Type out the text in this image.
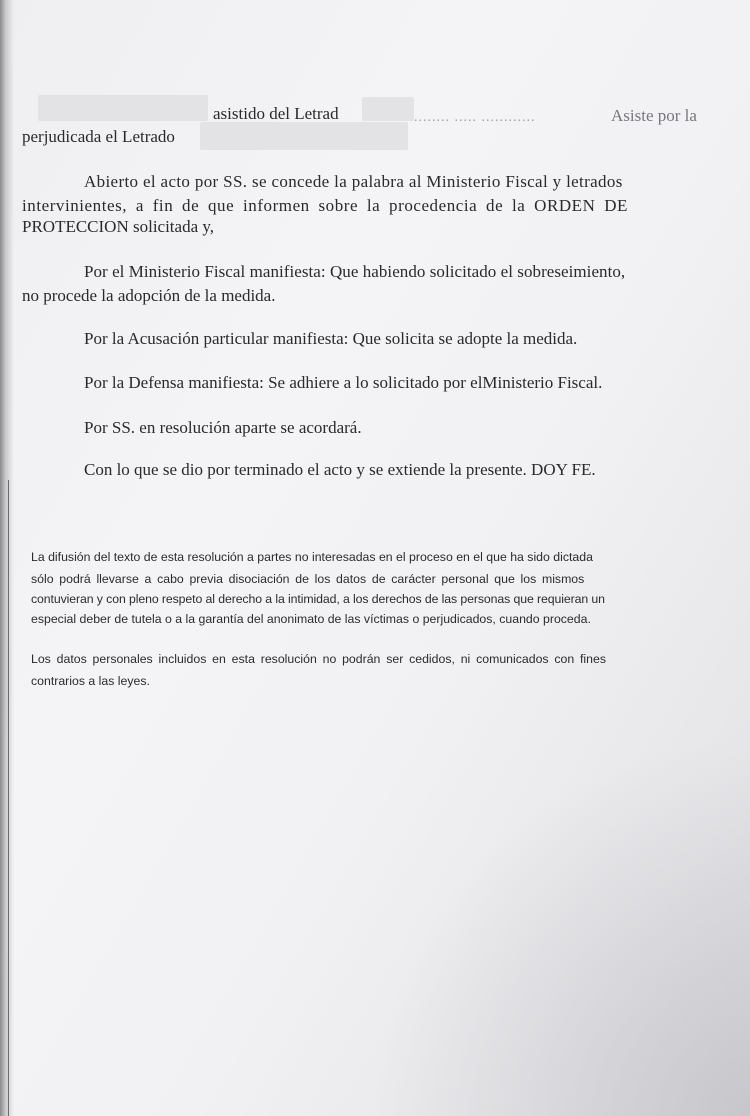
asistido del Letrad	........ ..... ............	Asiste por la

perjudicada el Letrado

Abierto el acto por SS. se concede la palabra al Ministerio Fiscal y letrados

intervinientes, a fin de que informen sobre la procedencia de la ORDEN DE

PROTECCION solicitada y,

Por el Ministerio Fiscal manifiesta: Que habiendo solicitado el sobreseimiento,

no procede la adopción de la medida.

Por la Acusación particular manifiesta: Que solicita se adopte la medida.

Por la Defensa manifiesta: Se adhiere a lo solicitado por elMinisterio Fiscal.

Por SS. en resolución aparte se acordará.

Con lo que se dio por terminado el acto y se extiende la presente. DOY FE.

La difusión del texto de esta resolución a partes no interesadas en el proceso en el que ha sido dictada
sólo podrá llevarse a cabo previa disociación de los datos de carácter personal que los mismos
contuvieran y con pleno respeto al derecho a la intimidad, a los derechos de las personas que requieran un
especial deber de tutela o a la garantía del anonimato de las víctimas o perjudicados, cuando proceda.
Los datos personales incluidos en esta resolución no podrán ser cedidos, ni comunicados con fines
contrarios a las leyes.
